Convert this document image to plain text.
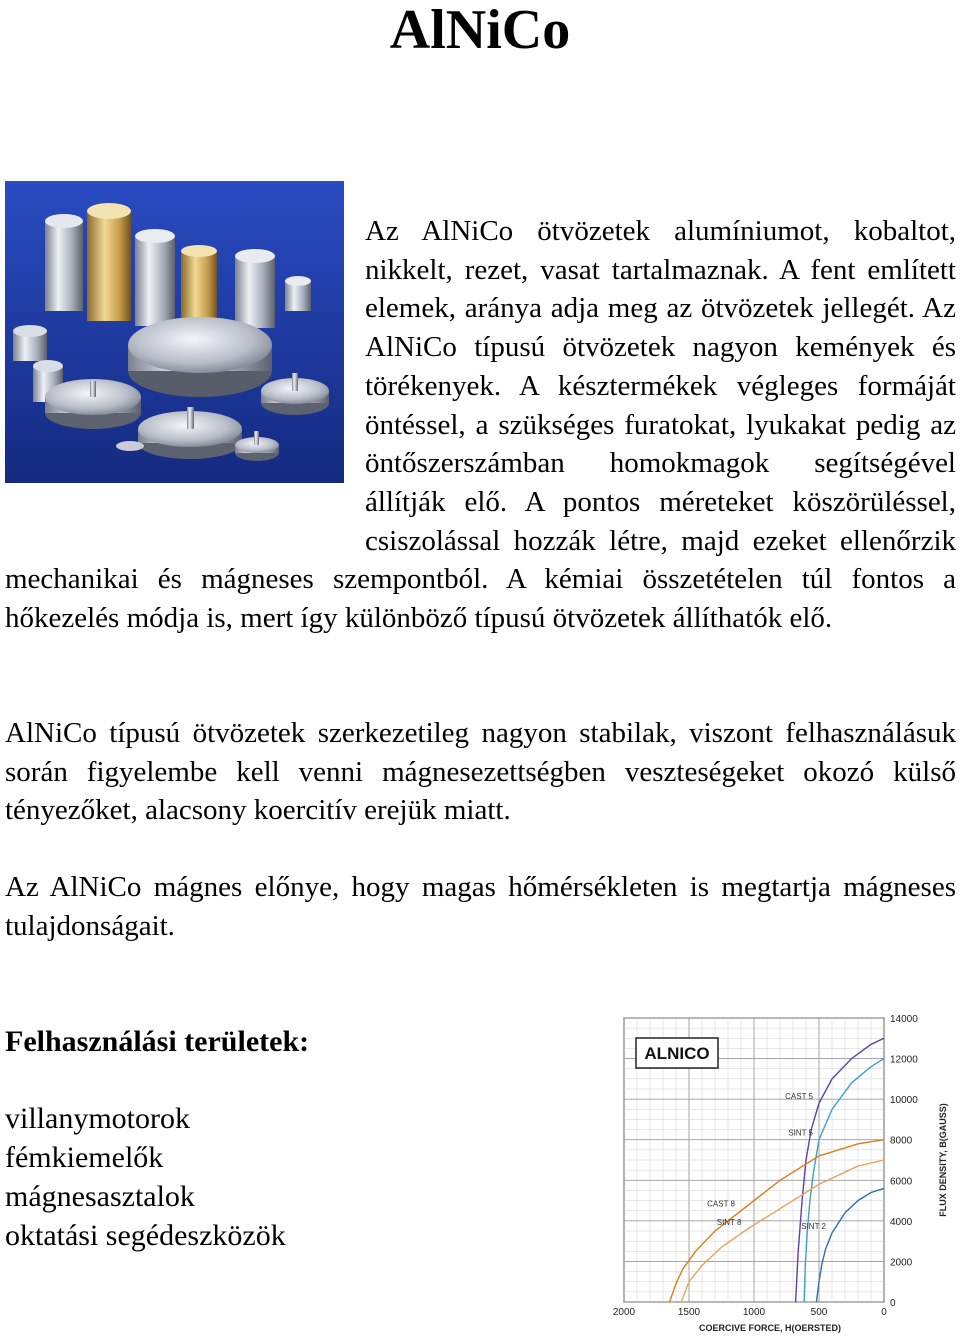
AlNiCo

Az AlNiCo ötvözetek alumíniumot, kobaltot, nikkelt, rezet, vasat tartalmaznak. A fent említett elemek, aránya adja meg az ötvözetek jellegét. Az AlNiCo típusú ötvözetek nagyon kemények és törékenyek. A késztermékek végleges formáját öntéssel, a szükséges furatokat, lyukakat pedig az öntőszerszámban homokmagok segítségével állítják elő. A pontos méreteket köszörüléssel, csiszolással hozzák létre, majd ezeket ellenőrzik mechanikai és mágneses szempontból. A kémiai összetételen túl fontos a hőkezelés módja is, mert így különböző típusú ötvözetek állíthatók elő.

AlNiCo típusú ötvözetek szerkezetileg nagyon stabilak, viszont felhasználásuk során figyelembe kell venni mágnesezettségben veszteségeket okozó külső tényezőket, alacsony koercitív erejük miatt.

Az AlNiCo mágnes előnye, hogy magas hőmérsékleten is megtartja mágneses tulajdonságait.

Felhasználási területek:
villanymotorok
fémkiemelők
mágnesasztalok
oktatási segédeszközök
2000	1500	1000	500	0
0
2000
4000
6000
8000
10000
12000
14000
CAST 5
SINT 5
CAST 8
SINT 8	SINT 2
ALNICO
COERCIVE FORCE, H(OERSTED)
FLUX DENSITY, B(GAUSS)
